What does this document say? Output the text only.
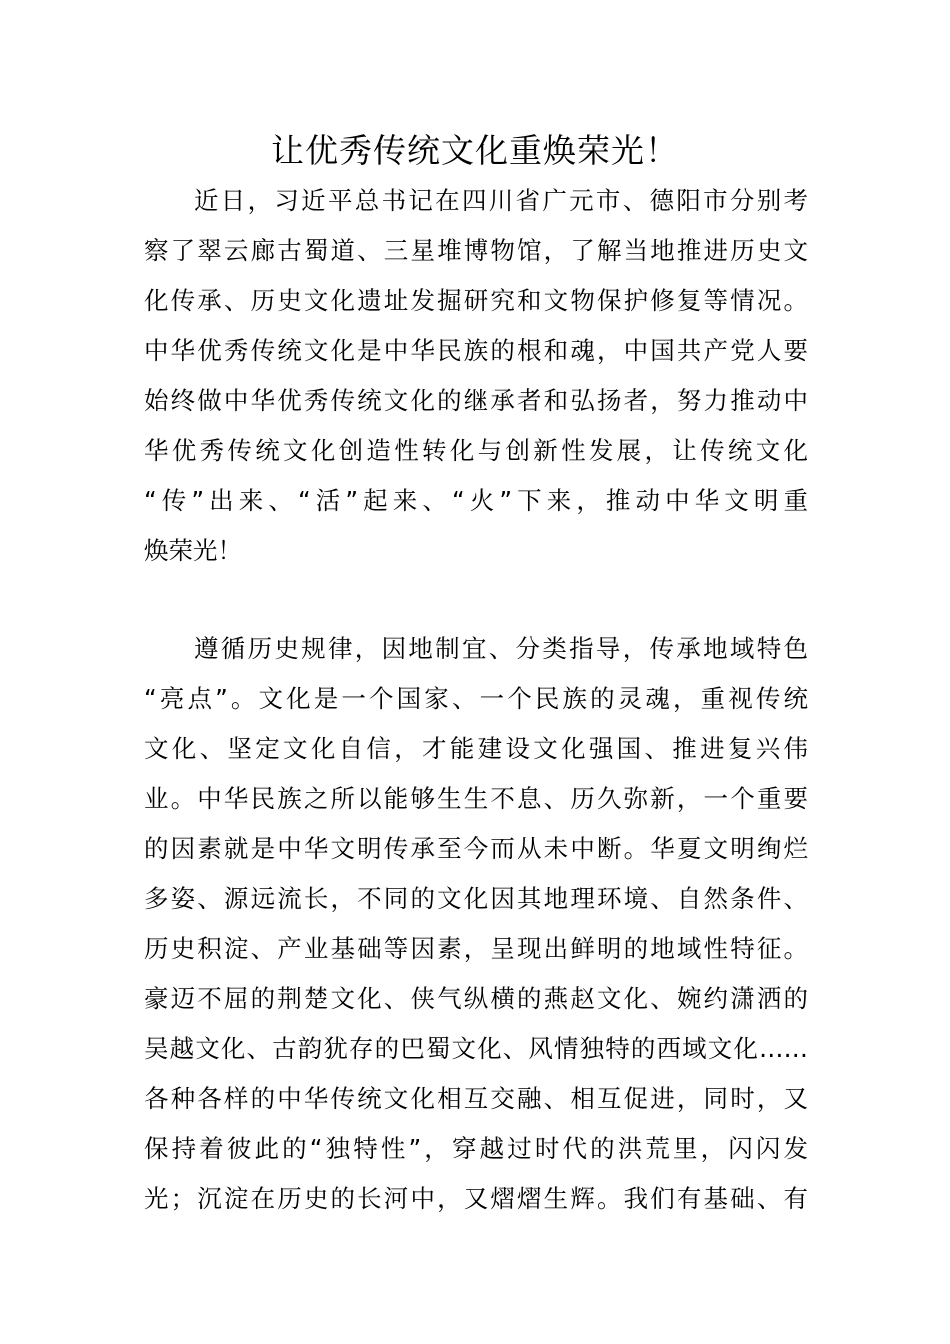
让优秀传统文化重焕荣光！
近日，习近平总书记在四川省广元市、德阳市分别考
察了翠云廊古蜀道、三星堆博物馆，了解当地推进历史文
化传承、历史文化遗址发掘研究和文物保护修复等情况。
中华优秀传统文化是中华民族的根和魂，中国共产党人要
始终做中华优秀传统文化的继承者和弘扬者，努力推动中
华优秀传统文化创造性转化与创新性发展，让传统文化
“传”出来、“活”起来、“火”下来，推动中华文明重
焕荣光！
遵循历史规律，因地制宜、分类指导，传承地域特色
“亮点”。文化是一个国家、一个民族的灵魂，重视传统
文化、坚定文化自信，才能建设文化强国、推进复兴伟
业。中华民族之所以能够生生不息、历久弥新，一个重要
的因素就是中华文明传承至今而从未中断。华夏文明绚烂
多姿、源远流长，不同的文化因其地理环境、自然条件、
历史积淀、产业基础等因素，呈现出鲜明的地域性特征。
豪迈不屈的荆楚文化、侠气纵横的燕赵文化、婉约潇洒的
吴越文化、古韵犹存的巴蜀文化、风情独特的西域文化……
各种各样的中华传统文化相互交融、相互促进，同时，又
保持着彼此的“独特性”，穿越过时代的洪荒里，闪闪发
光；沉淀在历史的长河中，又熠熠生辉。我们有基础、有
